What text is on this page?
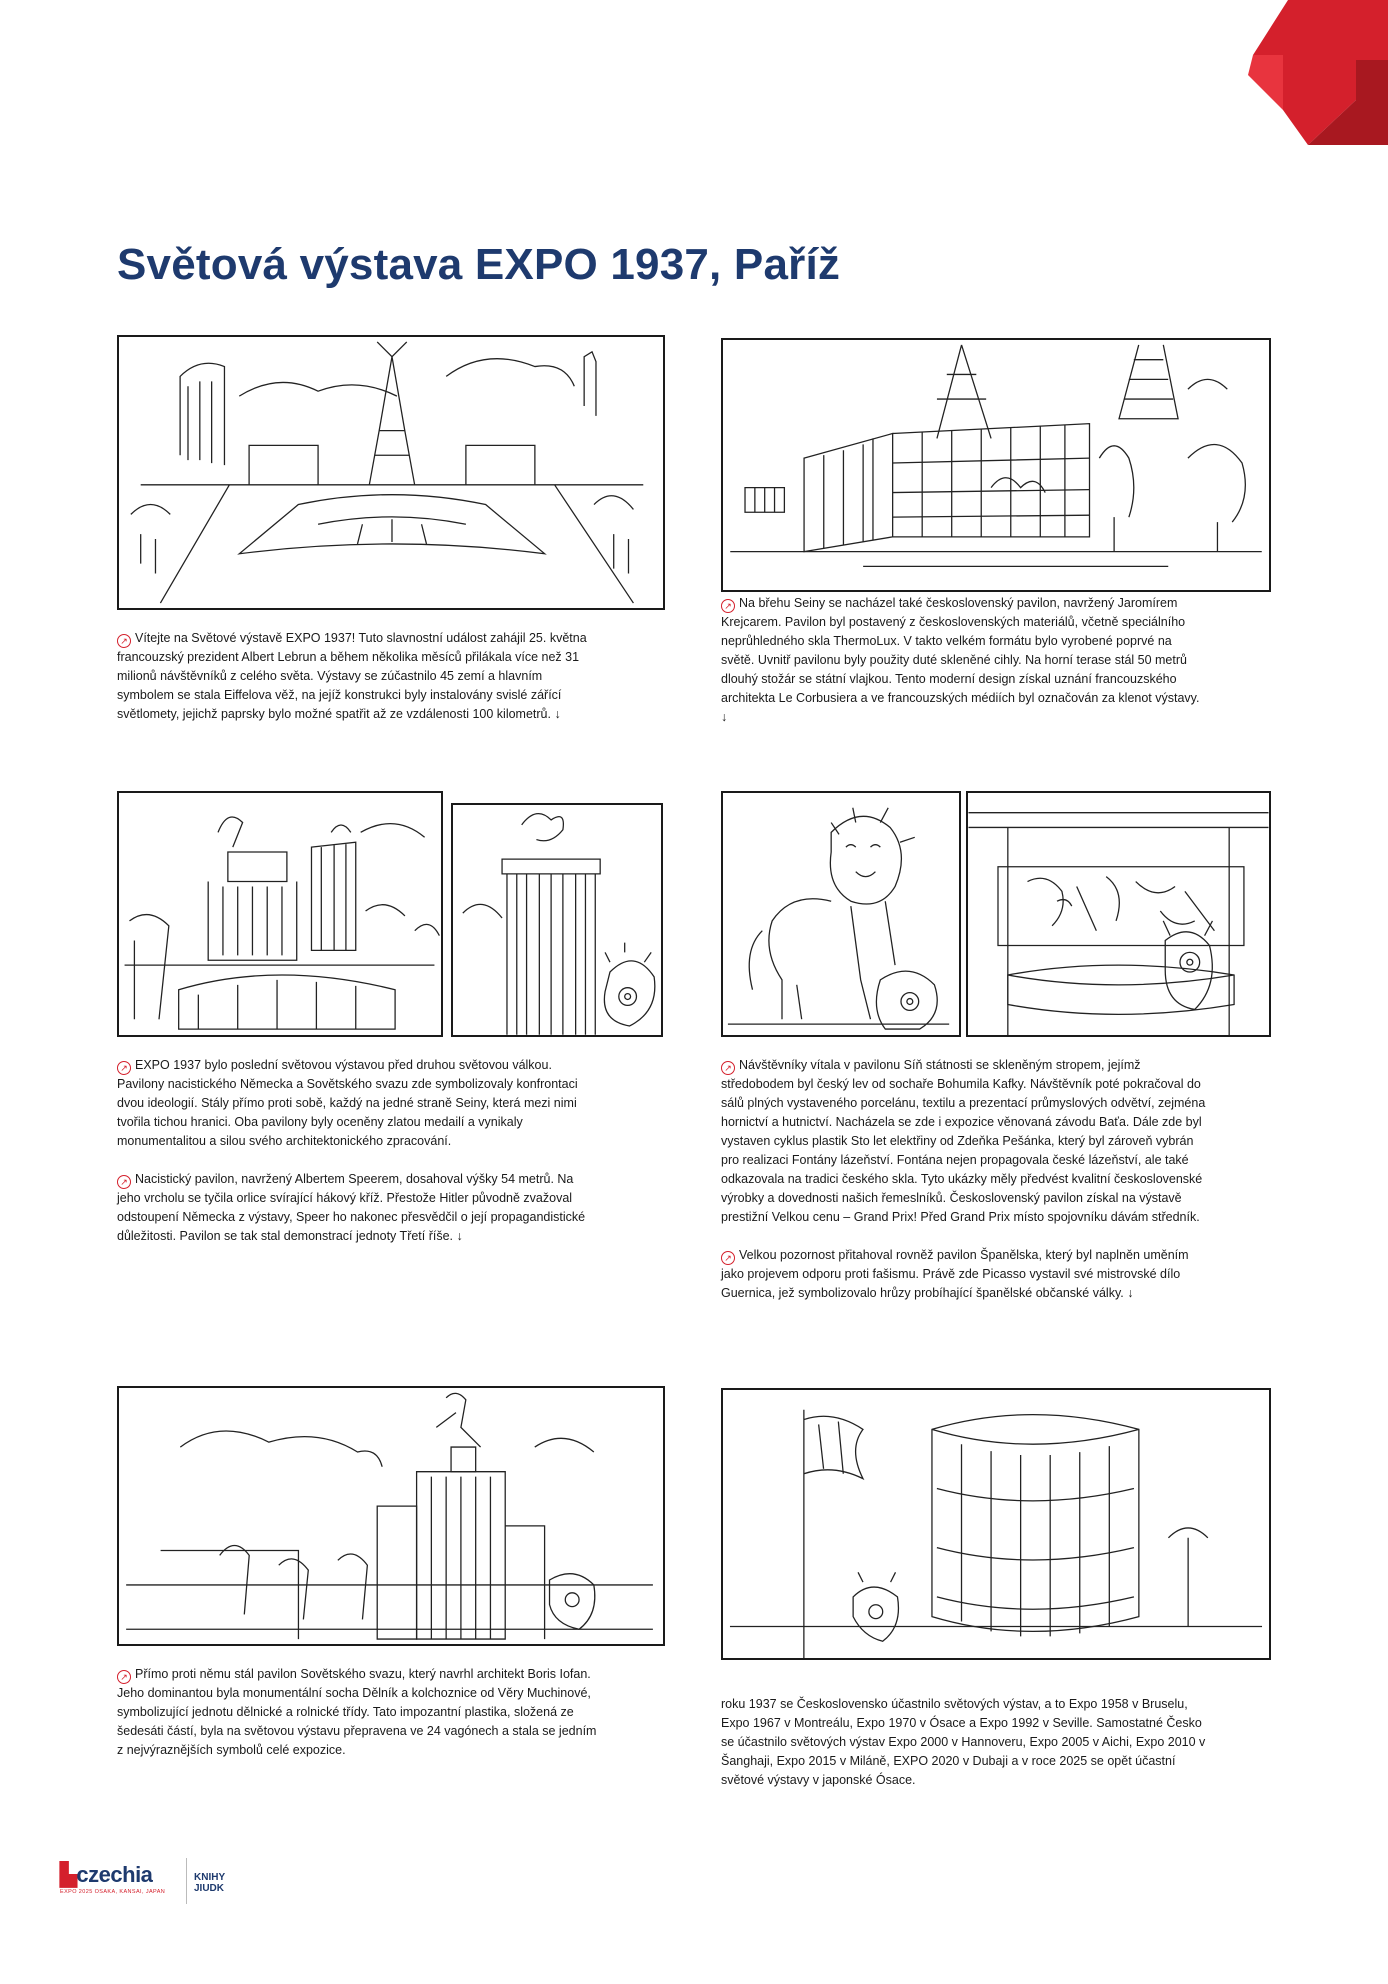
Světová výstava EXPO 1937, Paříž

↗ Vítejte na Světové výstavě EXPO 1937! Tuto slavnostní událost zahájil 25. května francouzský prezident Albert Lebrun a během několika měsíců přilákala více než 31 milionů návštěvníků z celého světa. Výstavy se zúčastnilo 45 zemí a hlavním symbolem se stala Eiffelova věž, na jejíž konstrukci byly instalovány svislé zářící světlomety, jejichž paprsky bylo možné spatřit až ze vzdálenosti 100 kilometrů. ↓

↗ Na břehu Seiny se nacházel také československý pavilon, navržený Jaromírem Krejcarem. Pavilon byl postavený z československých materiálů, včetně speciálního neprůhledného skla ThermoLux. V takto velkém formátu bylo vyrobené poprvé na světě. Uvnitř pavilonu byly použity duté skleněné cihly. Na horní terase stál 50 metrů dlouhý stožár se státní vlajkou. Tento moderní design získal uznání francouzského architekta Le Corbusiera a ve francouzských médiích byl označován za klenot výstavy. ↓

↗ EXPO 1937 bylo poslední světovou výstavou před druhou světovou válkou. Pavilony nacistického Německa a Sovětského svazu zde symbolizovaly konfrontaci dvou ideologií. Stály přímo proti sobě, každý na jedné straně Seiny, která mezi nimi tvořila tichou hranici. Oba pavilony byly oceněny zlatou medailí a vynikaly monumentalitou a silou svého architektonického zpracování.

↗ Nacistický pavilon, navržený Albertem Speerem, dosahoval výšky 54 metrů. Na jeho vrcholu se tyčila orlice svírající hákový kříž. Přestože Hitler původně zvažoval odstoupení Německa z výstavy, Speer ho nakonec přesvědčil o její propagandistické důležitosti. Pavilon se tak stal demonstrací jednoty Třetí říše. ↓

↗ Návštěvníky vítala v pavilonu Síň státnosti se skleněným stropem, jejímž středobodem byl český lev od sochaře Bohumila Kafky. Návštěvník poté pokračoval do sálů plných vystaveného porcelánu, textilu a prezentací průmyslových odvětví, zejména hornictví a hutnictví. Nacházela se zde i expozice věnovaná závodu Baťa. Dále zde byl vystaven cyklus plastik Sto let elektřiny od Zdeňka Pešánka, který byl zároveň vybrán pro realizaci Fontány lázeňství. Fontána nejen propagovala české lázeňství, ale také odkazovala na tradici českého skla. Tyto ukázky měly předvést kvalitní československé výrobky a dovednosti našich řemeslníků. Československý pavilon získal na výstavě prestižní Velkou cenu – Grand Prix! Před Grand Prix místo spojovníku dávám středník.

↗ Velkou pozornost přitahoval rovněž pavilon Španělska, který byl naplněn uměním jako projevem odporu proti fašismu. Právě zde Picasso vystavil své mistrovské dílo Guernica, jež symbolizovalo hrůzy probíhající španělské občanské války. ↓

↗ Přímo proti němu stál pavilon Sovětského svazu, který navrhl architekt Boris Iofan. Jeho dominantou byla monumentální socha Dělník a kolchoznice od Věry Muchinové, symbolizující jednotu dělnické a rolnické třídy. Tato impozantní plastika, složená ze šedesáti částí, byla na světovou výstavu přepravena ve 24 vagónech a stala se jedním z nejvýraznějších symbolů celé expozice.

roku 1937 se Československo účastnilo světových výstav, a to Expo 1958 v Bruselu, Expo 1967 v Montreálu, Expo 1970 v Ósace a Expo 1992 v Seville. Samostatné Česko se účastnilo světových výstav Expo 2000 v Hannoveru, Expo 2005 v Aichi, Expo 2010 v Šanghaji, Expo 2015 v Miláně, EXPO 2020 v Dubaji a v roce 2025 se opět účastní světové výstavy v japonské Ósace.

▙czechia
EXPO 2025 OSAKA, KANSAI, JAPAN
KNIHY
JIUDK
